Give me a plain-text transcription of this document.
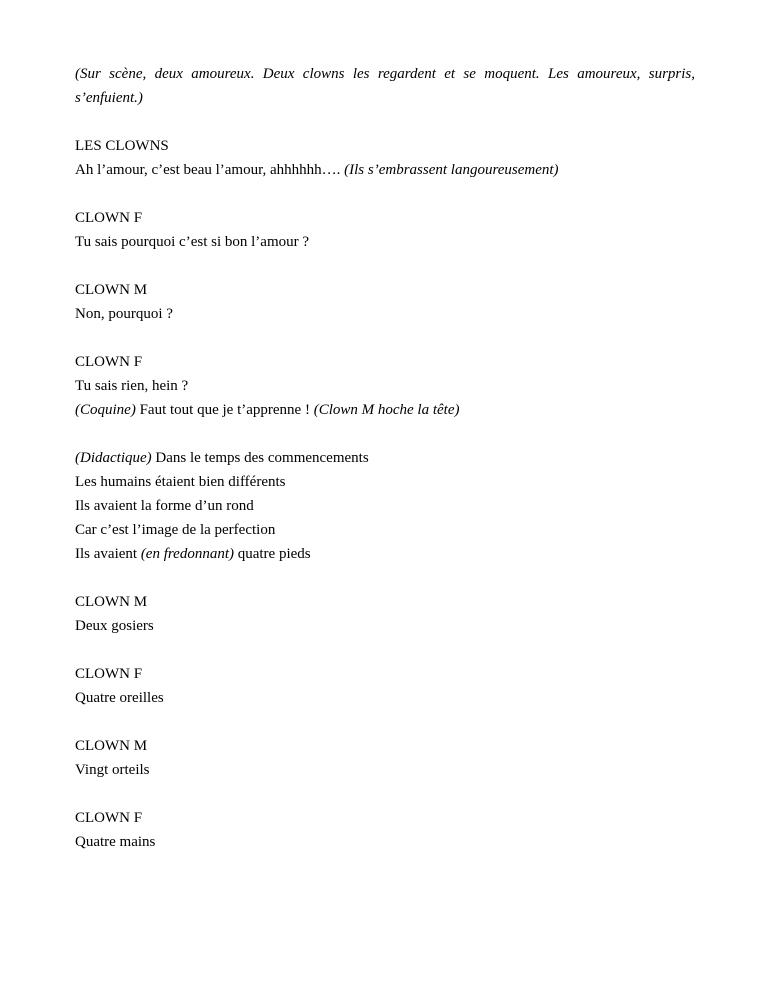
(Sur scène, deux amoureux. Deux clowns les regardent et se moquent. Les amoureux, surpris,
s’enfuient.)
LES CLOWNS
Ah l’amour, c’est beau l’amour, ahhhhhh…. (Ils s’embrassent langoureusement)
CLOWN F
Tu sais pourquoi c’est si bon l’amour ?
CLOWN M
Non, pourquoi ?
CLOWN F
Tu sais rien, hein ?
(Coquine) Faut tout que je t’apprenne ! (Clown M hoche la tête)
(Didactique) Dans le temps des commencements
Les humains étaient bien différents
Ils avaient la forme d’un rond
Car c’est l’image de la perfection
Ils avaient (en fredonnant) quatre pieds
CLOWN M
Deux gosiers
CLOWN F
Quatre oreilles
CLOWN M
Vingt orteils
CLOWN F
Quatre mains
